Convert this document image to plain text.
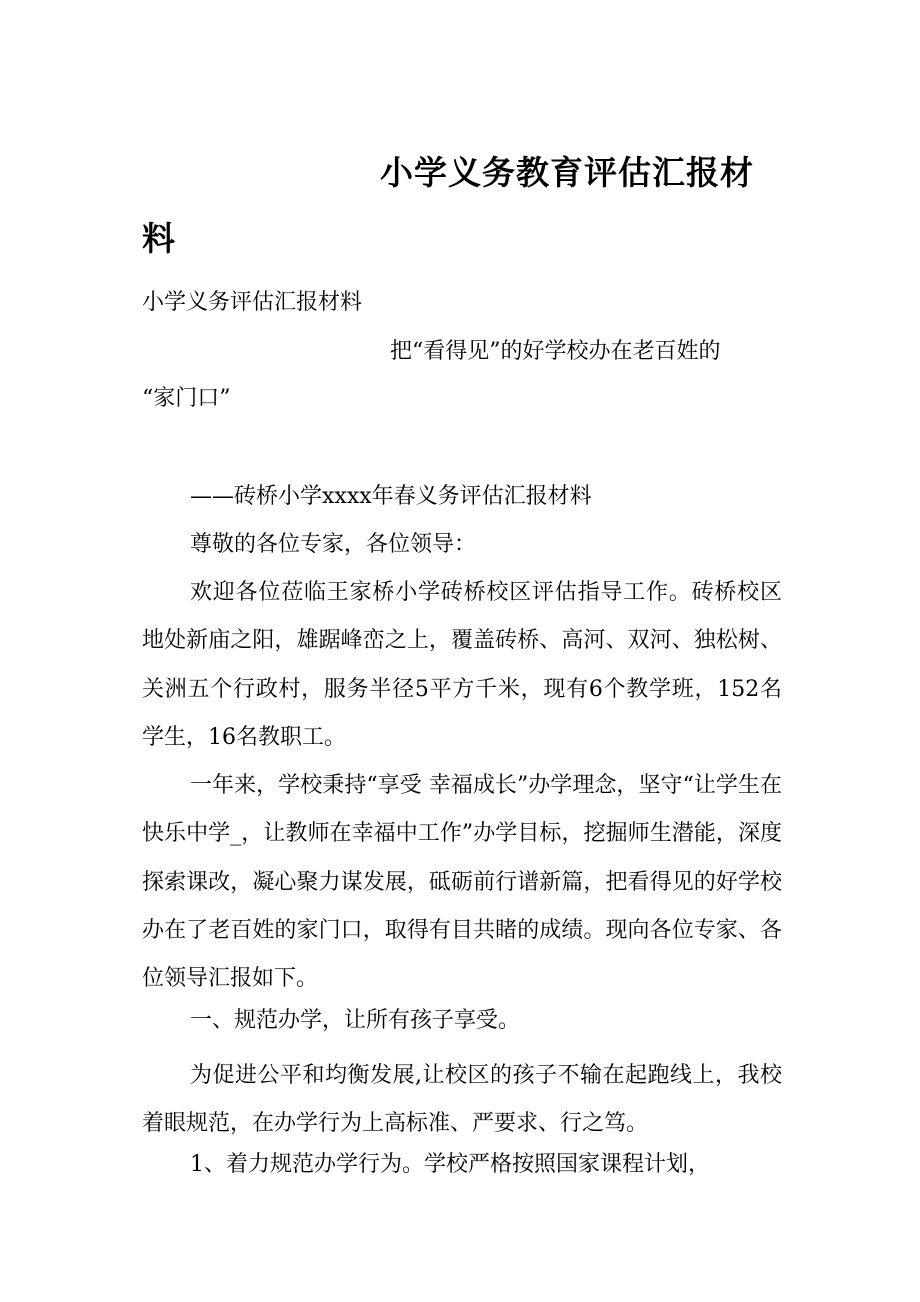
小学义务教育评估汇报材料

小学义务评估汇报材料

把“看得见”的好学校办在老百姓的

“家门口”

——砖桥小学xxxx年春义务评估汇报材料

尊敬的各位专家，各位领导：

欢迎各位莅临王家桥小学砖桥校区评估指导工作。砖桥校区地处新庙之阳，雄踞峰峦之上，覆盖砖桥、高河、双河、独松树、关洲五个行政村，服务半径5平方千米，现有6个教学班，152名学生，16名教职工。

一年来，学校秉持“享受 幸福成长”办学理念，坚守“让学生在快乐中学_，让教师在幸福中工作”办学目标，挖掘师生潜能，深度探索课改，凝心聚力谋发展，砥砺前行谱新篇，把看得见的好学校办在了老百姓的家门口，取得有目共睹的成绩。现向各位专家、各位领导汇报如下。

一、规范办学，让所有孩子享受。

为促进公平和均衡发展,让校区的孩子不输在起跑线上，我校着眼规范，在办学行为上高标准、严要求、行之笃。

1、着力规范办学行为。学校严格按照国家课程计划，
